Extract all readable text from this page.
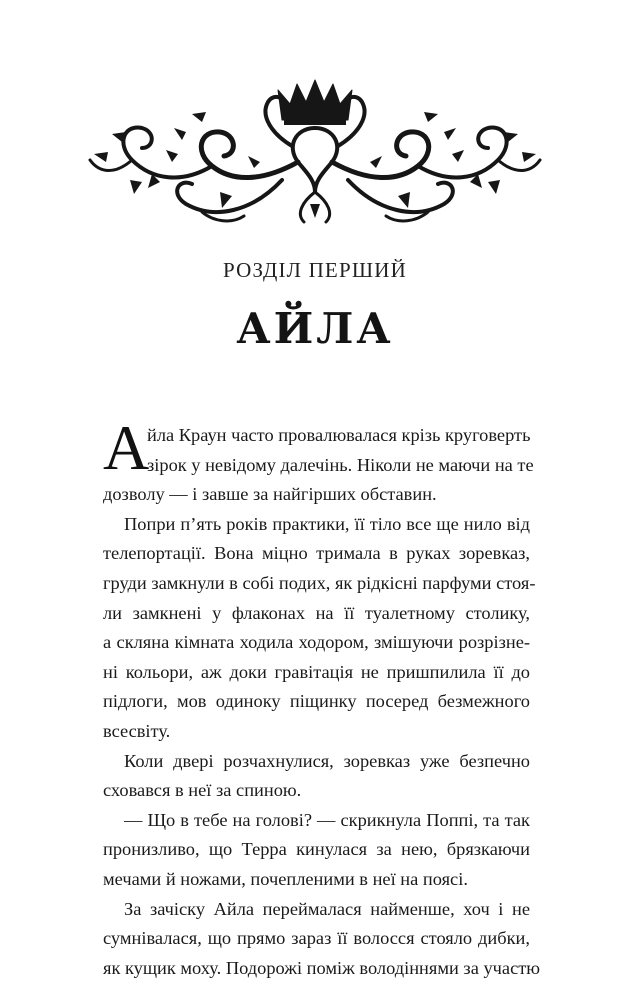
РОЗДІЛ ПЕРШИЙ
АЙЛА
А
йла Краун часто провалювалася крізь круговерть
зірок у невідому далечінь. Ніколи не маючи на те
дозволу — і завше за найгірших обставин.
Попри п’ять років практики, її тіло все ще нило від
телепортації. Вона міцно тримала в руках зоревказ,
груди замкнули в собі подих, як рідкісні парфуми стоя-
ли замкнені у флаконах на її туалетному столику,
а скляна кімната ходила ходором, змішуючи розрізне-
ні кольори, аж доки гравітація не пришпилила її до
підлоги, мов одиноку піщинку посеред безмежного
всесвіту.
Коли двері розчахнулися, зоревказ уже безпечно
сховався в неї за спиною.
— Що в тебе на голові? — скрикнула Поппі, та так
пронизливо, що Терра кинулася за нею, брязкаючи
мечами й ножами, почепленими в неї на поясі.
За зачіску Айла переймалася найменше, хоч і не
сумнівалася, що прямо зараз її волосся стояло дибки,
як кущик моху. Подорожі поміж володіннями за участю
